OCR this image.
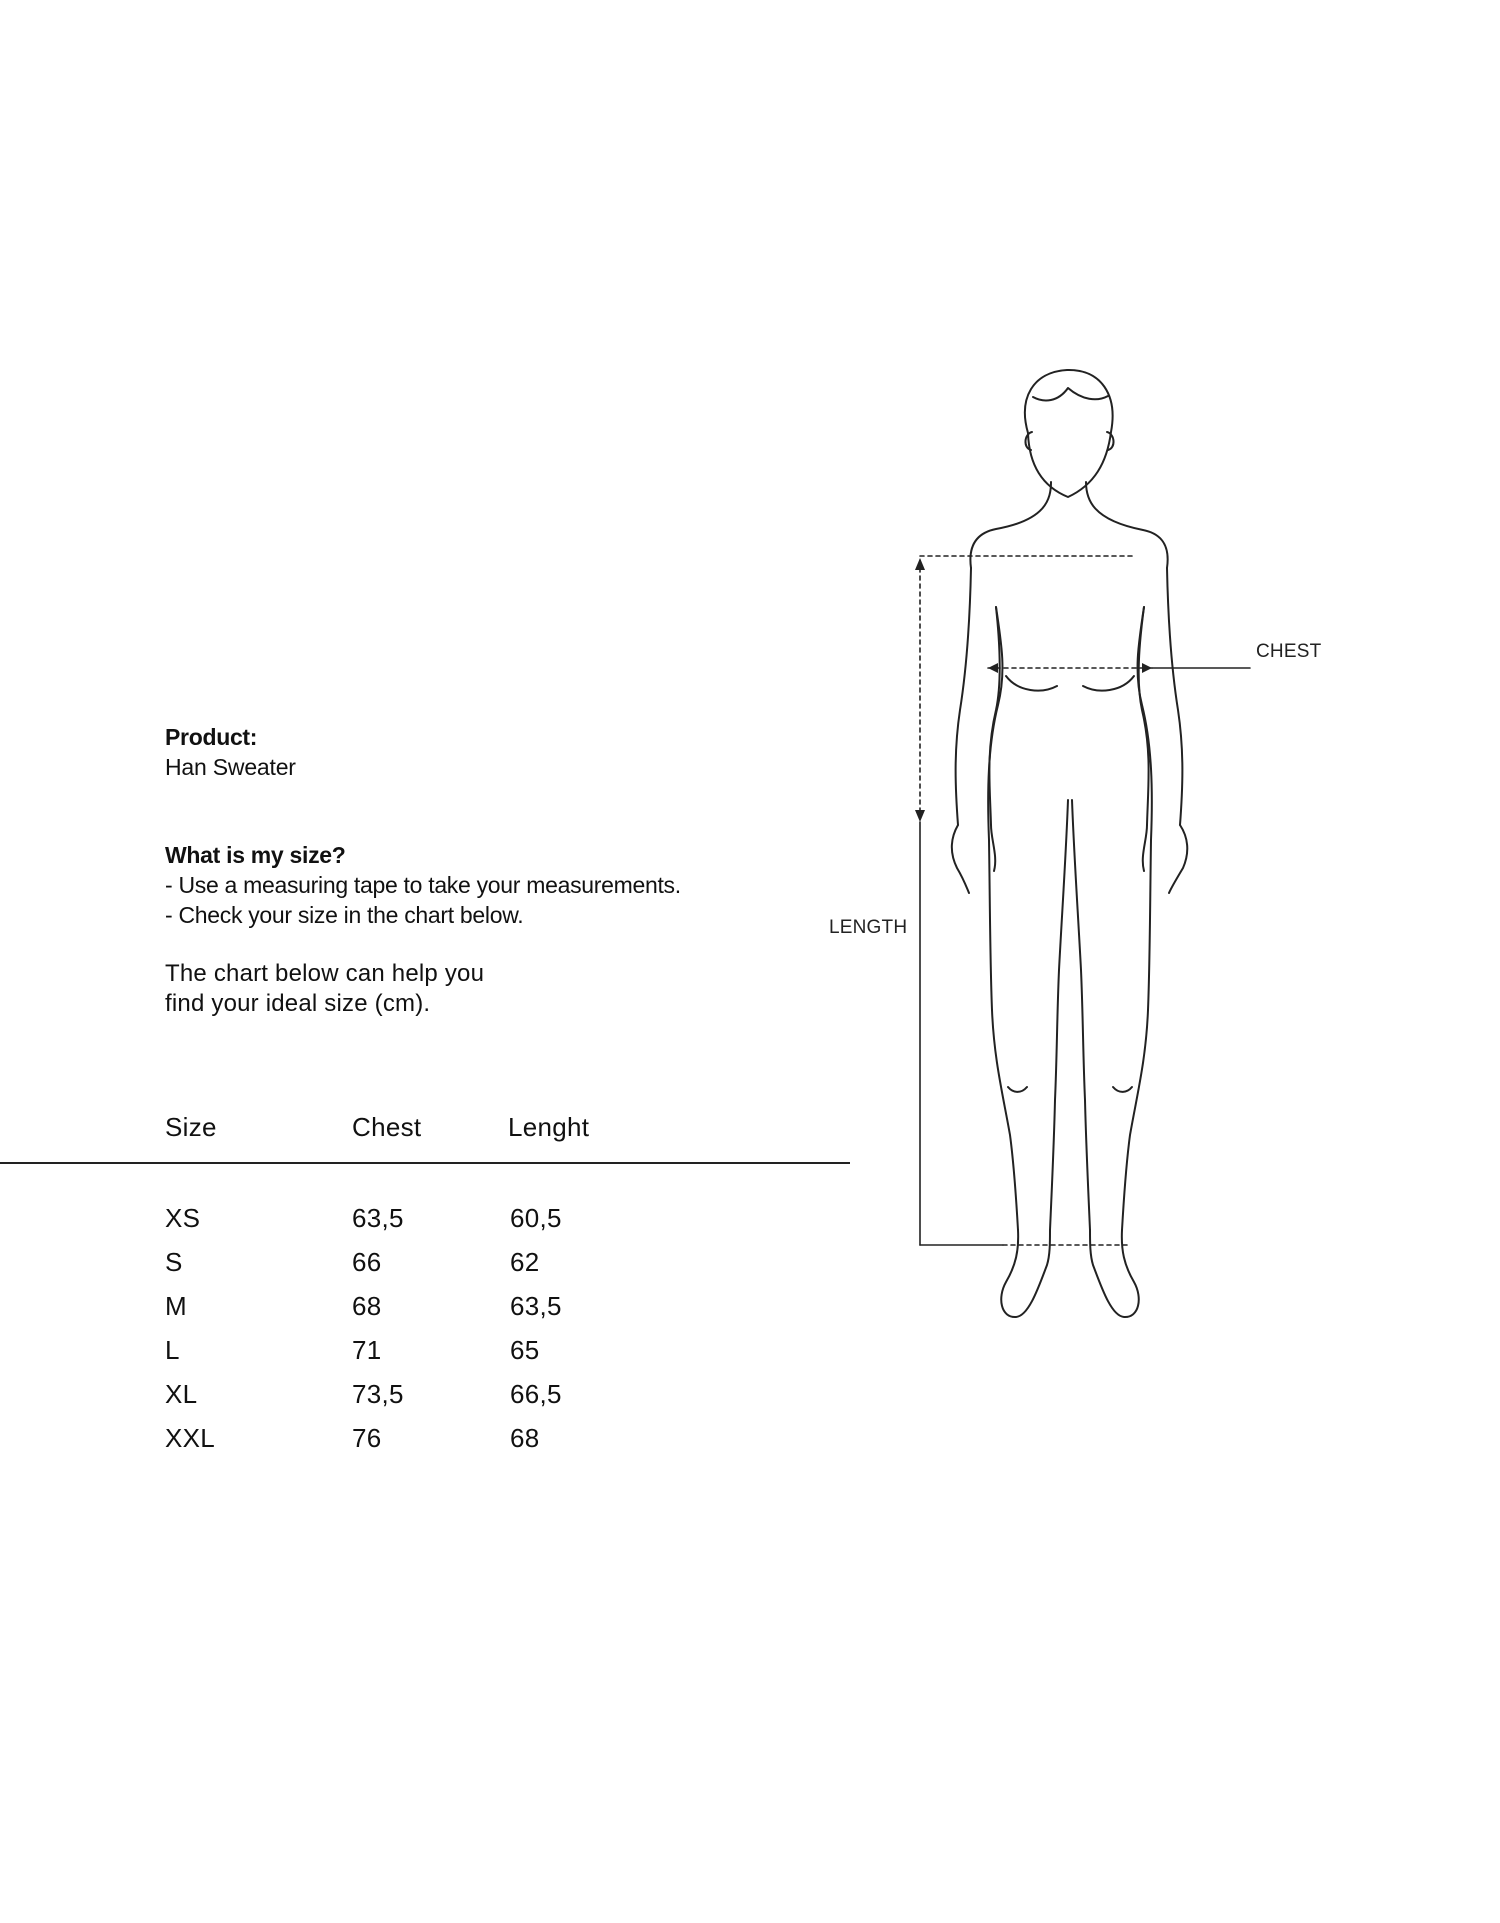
Product:
Han Sweater
What is my size?
- Use a measuring tape to take your measurements.
- Check your size in the chart below.
The chart below can help you
find your ideal size (cm).
Size	Chest	Lenght
XS	63,5	60,5
S	66	62
M	68	63,5
L	71	65
XL	73,5	66,5
XXL	76	68
CHEST
LENGTH
